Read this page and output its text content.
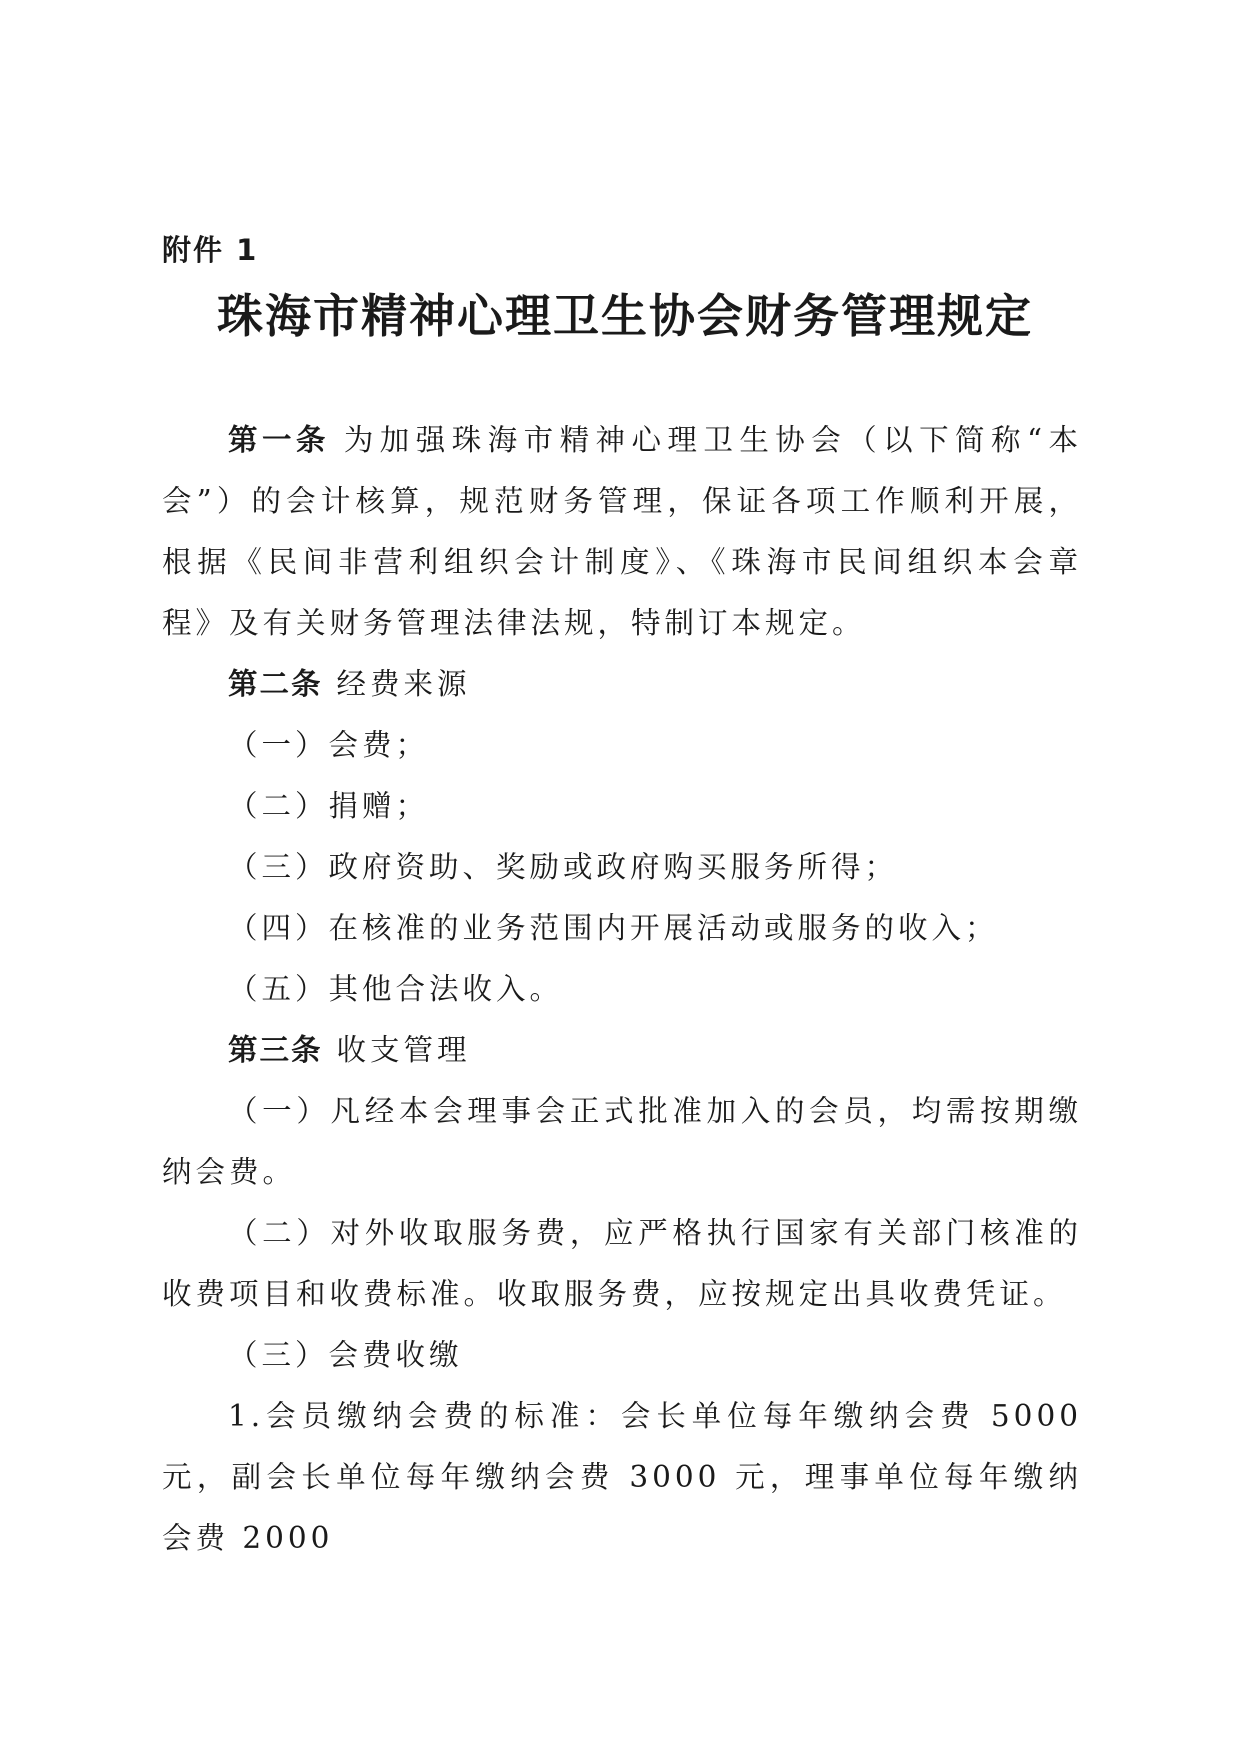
附件 1
珠海市精神心理卫生协会财务管理规定

第一条 为加强珠海市精神心理卫生协会（以下简称“本会”）的会计核算，规范财务管理，保证各项工作顺利开展，根据《民间非营利组织会计制度》、《珠海市民间组织本会章程》及有关财务管理法律法规，特制订本规定。

第二条 经费来源

（一）会费；

（二）捐赠；

（三）政府资助、奖励或政府购买服务所得；

（四）在核准的业务范围内开展活动或服务的收入；

（五）其他合法收入。

第三条 收支管理

（一）凡经本会理事会正式批准加入的会员，均需按期缴纳会费。

（二）对外收取服务费，应严格执行国家有关部门核准的收费项目和收费标准。收取服务费，应按规定出具收费凭证。

（三）会费收缴

1.会员缴纳会费的标准：会长单位每年缴纳会费 5000 元，副会长单位每年缴纳会费 3000 元，理事单位每年缴纳会费 2000
